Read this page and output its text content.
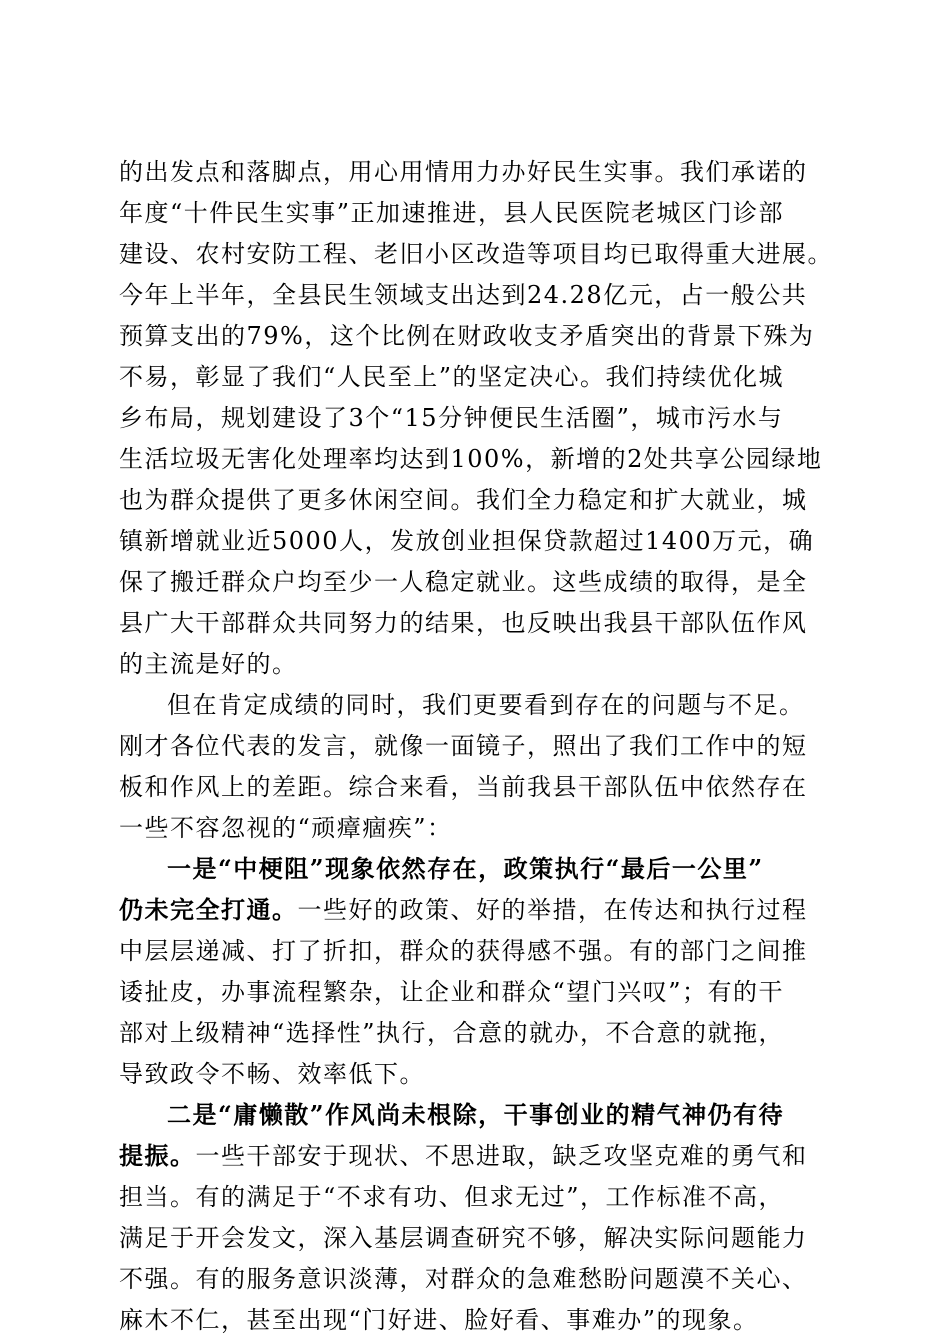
的出发点和落脚点，用心用情用力办好民生实事。我们承诺的
年度“十件民生实事”正加速推进，县人民医院老城区门诊部
建设、农村安防工程、老旧小区改造等项目均已取得重大进展。
今年上半年，全县民生领域支出达到24.28亿元，占一般公共
预算支出的79%，这个比例在财政收支矛盾突出的背景下殊为
不易，彰显了我们“人民至上”的坚定决心。我们持续优化城
乡布局，规划建设了3个“15分钟便民生活圈”，城市污水与
生活垃圾无害化处理率均达到100%，新增的2处共享公园绿地
也为群众提供了更多休闲空间。我们全力稳定和扩大就业，城
镇新增就业近5000人，发放创业担保贷款超过1400万元，确
保了搬迁群众户均至少一人稳定就业。这些成绩的取得，是全
县广大干部群众共同努力的结果，也反映出我县干部队伍作风
的主流是好的。
但在肯定成绩的同时，我们更要看到存在的问题与不足。
刚才各位代表的发言，就像一面镜子，照出了我们工作中的短
板和作风上的差距。综合来看，当前我县干部队伍中依然存在
一些不容忽视的“顽瘴痼疾”：
一是“中梗阻”现象依然存在，政策执行“最后一公里”
仍未完全打通。一些好的政策、好的举措，在传达和执行过程
中层层递减、打了折扣，群众的获得感不强。有的部门之间推
诿扯皮，办事流程繁杂，让企业和群众“望门兴叹”；有的干
部对上级精神“选择性”执行，合意的就办，不合意的就拖，
导致政令不畅、效率低下。
二是“庸懒散”作风尚未根除，干事创业的精气神仍有待
提振。一些干部安于现状、不思进取，缺乏攻坚克难的勇气和
担当。有的满足于“不求有功、但求无过”，工作标准不高，
满足于开会发文，深入基层调查研究不够，解决实际问题能力
不强。有的服务意识淡薄，对群众的急难愁盼问题漠不关心、
麻木不仁，甚至出现“门好进、脸好看、事难办”的现象。
